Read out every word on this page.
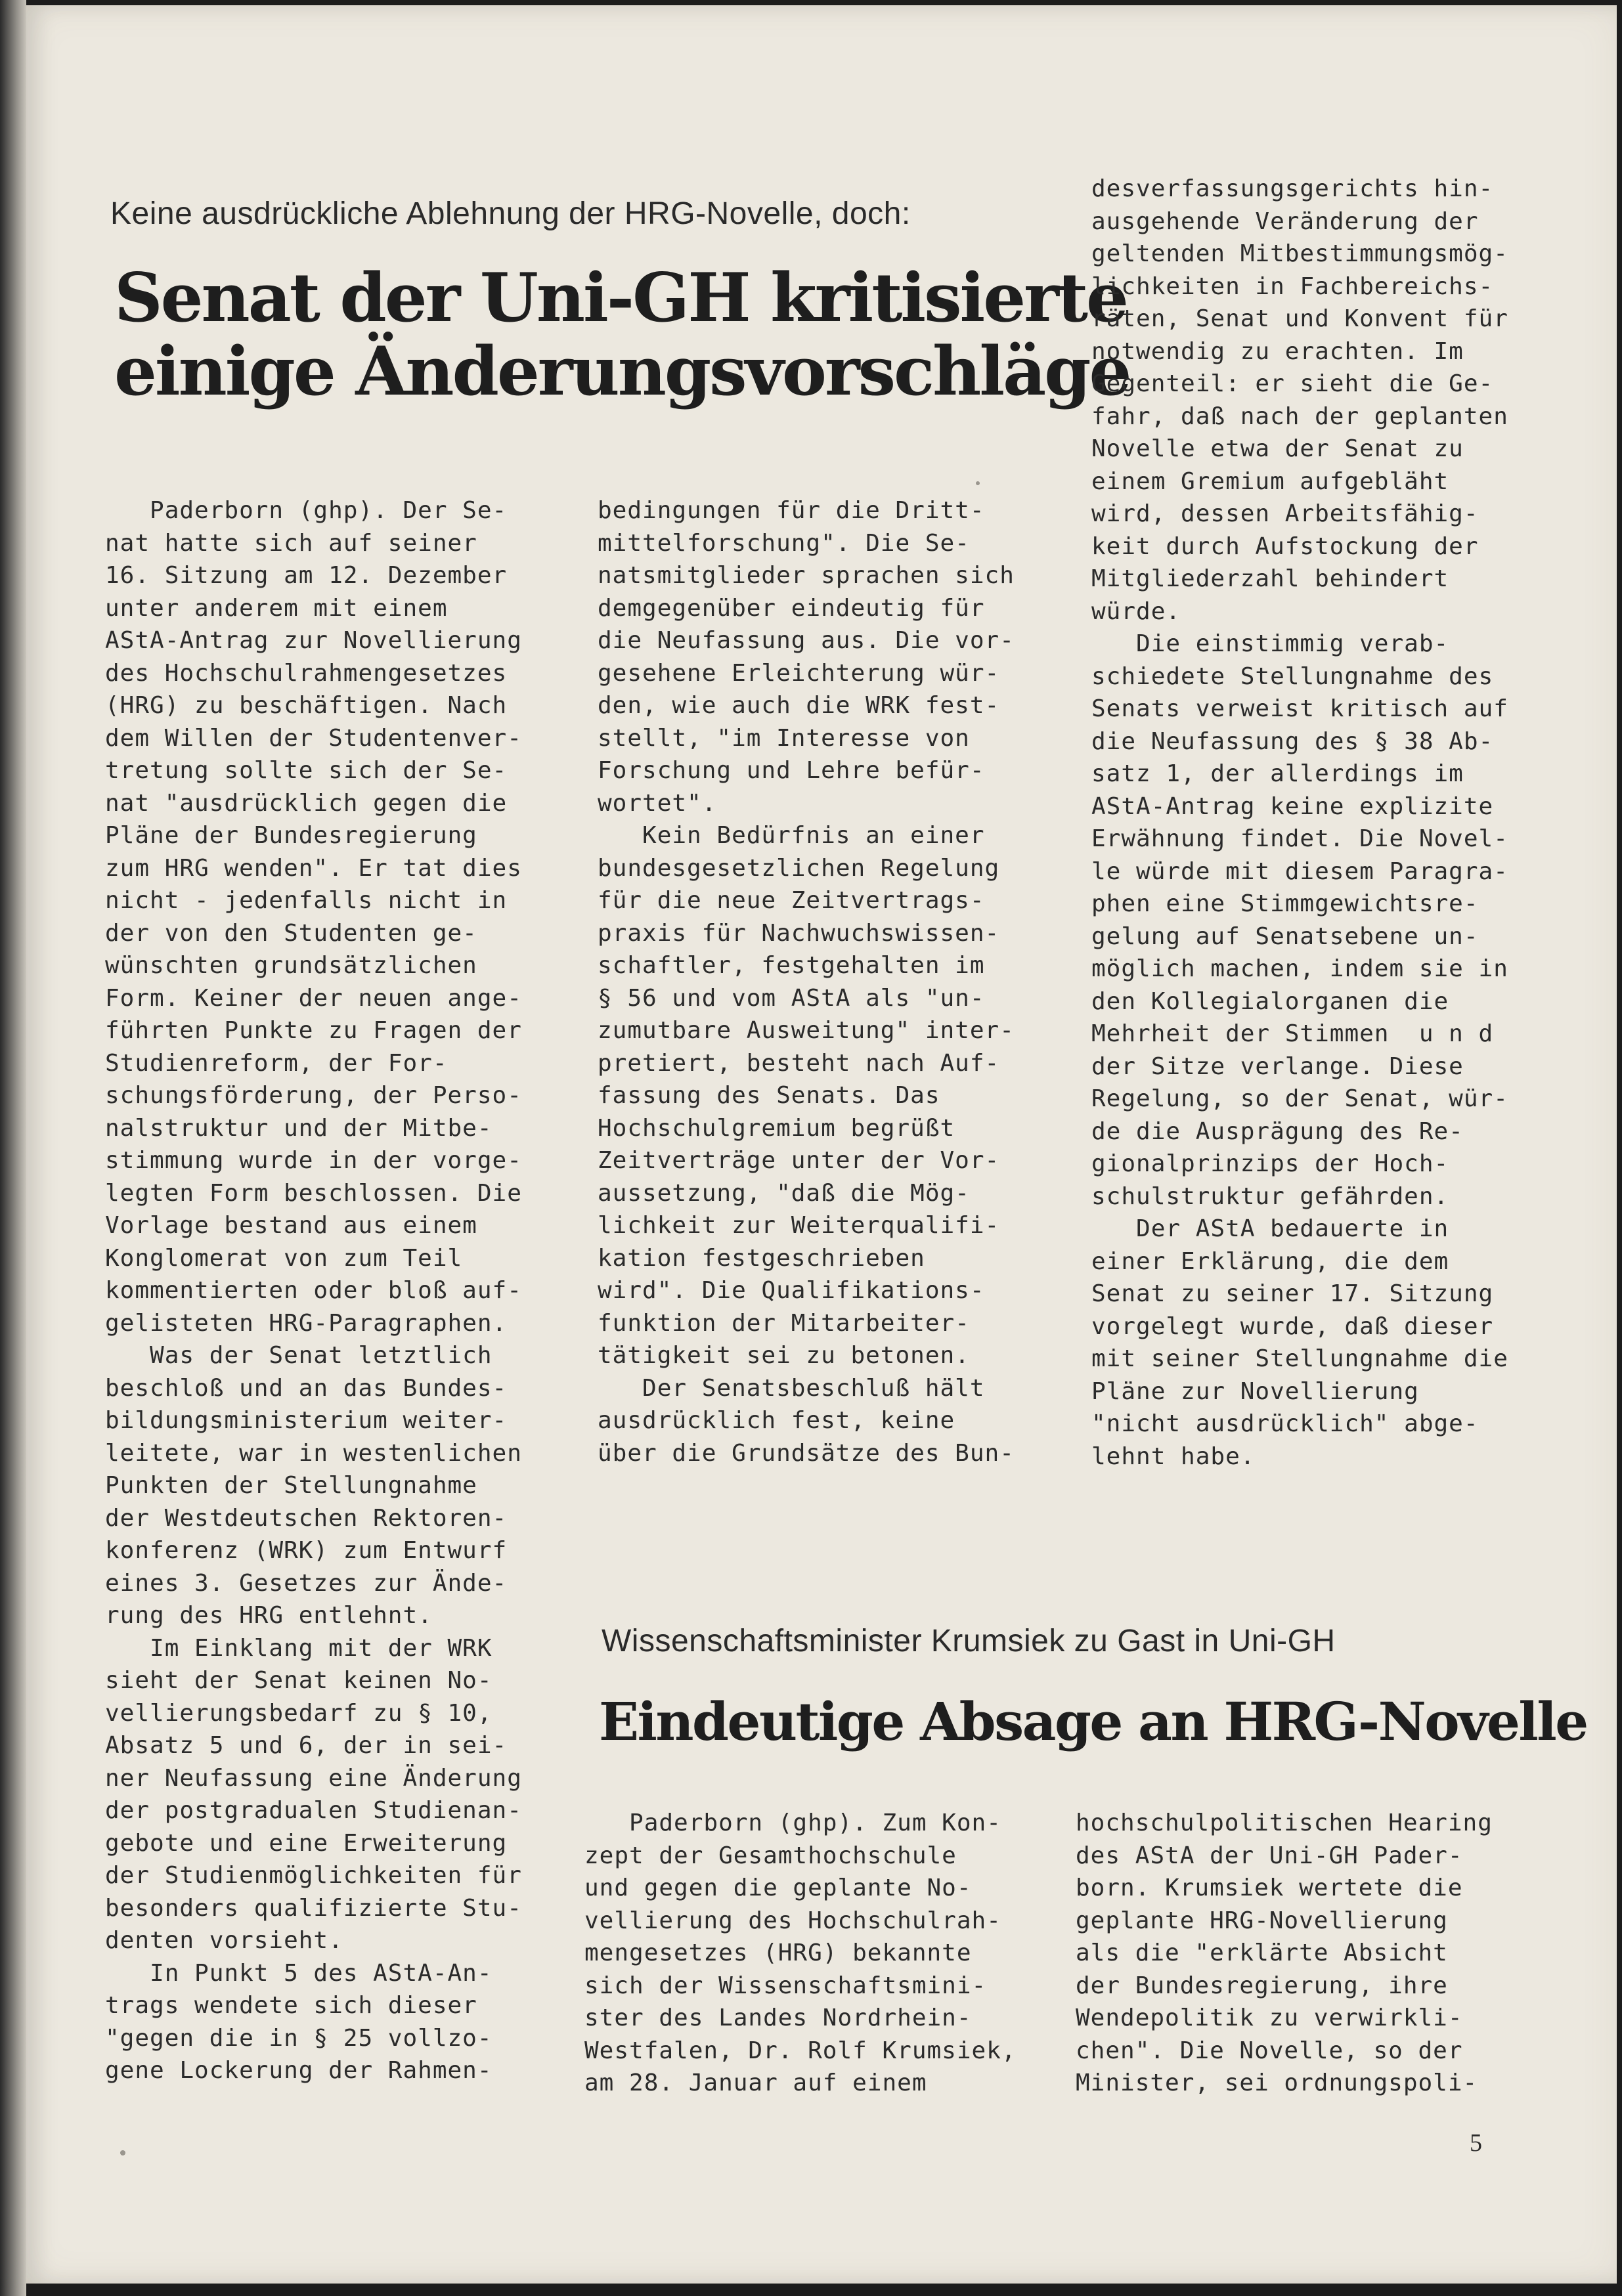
Keine ausdrückliche Ablehnung der HRG-Novelle, doch:
Senat der Uni-GH kritisierte
einige Änderungsvorschläge
Paderborn (ghp). Der Se-
nat hatte sich auf seiner
16. Sitzung am 12. Dezember
unter anderem mit einem
AStA-Antrag zur Novellierung
des Hochschulrahmengesetzes
(HRG) zu beschäftigen. Nach
dem Willen der Studentenver-
tretung sollte sich der Se-
nat "ausdrücklich gegen die
Pläne der Bundesregierung
zum HRG wenden". Er tat dies
nicht - jedenfalls nicht in
der von den Studenten ge-
wünschten grundsätzlichen
Form. Keiner der neuen ange-
führten Punkte zu Fragen der
Studienreform, der For-
schungsförderung, der Perso-
nalstruktur und der Mitbe-
stimmung wurde in der vorge-
legten Form beschlossen. Die
Vorlage bestand aus einem
Konglomerat von zum Teil
kommentierten oder bloß auf-
gelisteten HRG-Paragraphen.
Was der Senat letztlich
beschloß und an das Bundes-
bildungsministerium weiter-
leitete, war in westenlichen
Punkten der Stellungnahme
der Westdeutschen Rektoren-
konferenz (WRK) zum Entwurf
eines 3. Gesetzes zur Ände-
rung des HRG entlehnt.
Im Einklang mit der WRK
sieht der Senat keinen No-
vellierungsbedarf zu § 10,
Absatz 5 und 6, der in sei-
ner Neufassung eine Änderung
der postgradualen Studienan-
gebote und eine Erweiterung
der Studienmöglichkeiten für
besonders qualifizierte Stu-
denten vorsieht.
In Punkt 5 des AStA-An-
trags wendete sich dieser
"gegen die in § 25 vollzo-
gene Lockerung der Rahmen-
bedingungen für die Dritt-
mittelforschung". Die Se-
natsmitglieder sprachen sich
demgegenüber eindeutig für
die Neufassung aus. Die vor-
gesehene Erleichterung wür-
den, wie auch die WRK fest-
stellt, "im Interesse von
Forschung und Lehre befür-
wortet".
Kein Bedürfnis an einer
bundesgesetzlichen Regelung
für die neue Zeitvertrags-
praxis für Nachwuchswissen-
schaftler, festgehalten im
§ 56 und vom AStA als "un-
zumutbare Ausweitung" inter-
pretiert, besteht nach Auf-
fassung des Senats. Das
Hochschulgremium begrüßt
Zeitverträge unter der Vor-
aussetzung, "daß die Mög-
lichkeit zur Weiterqualifi-
kation festgeschrieben
wird". Die Qualifikations-
funktion der Mitarbeiter-
tätigkeit sei zu betonen.
Der Senatsbeschluß hält
ausdrücklich fest, keine
über die Grundsätze des Bun-
desverfassungsgerichts hin-
ausgehende Veränderung der
geltenden Mitbestimmungsmög-
lichkeiten in Fachbereichs-
räten, Senat und Konvent für
notwendig zu erachten. Im
Gegenteil: er sieht die Ge-
fahr, daß nach der geplanten
Novelle etwa der Senat zu
einem Gremium aufgebläht
wird, dessen Arbeitsfähig-
keit durch Aufstockung der
Mitgliederzahl behindert
würde.
Die einstimmig verab-
schiedete Stellungnahme des
Senats verweist kritisch auf
die Neufassung des § 38 Ab-
satz 1, der allerdings im
AStA-Antrag keine explizite
Erwähnung findet. Die Novel-
le würde mit diesem Paragra-
phen eine Stimmgewichtsre-
gelung auf Senatsebene un-
möglich machen, indem sie in
den Kollegialorganen die
Mehrheit der Stimmen  u n d
der Sitze verlange. Diese
Regelung, so der Senat, wür-
de die Ausprägung des Re-
gionalprinzips der Hoch-
schulstruktur gefährden.
Der AStA bedauerte in
einer Erklärung, die dem
Senat zu seiner 17. Sitzung
vorgelegt wurde, daß dieser
mit seiner Stellungnahme die
Pläne zur Novellierung
"nicht ausdrücklich" abge-
lehnt habe.
Wissenschaftsminister Krumsiek zu Gast in Uni-GH
Eindeutige Absage an HRG-Novelle
Paderborn (ghp). Zum Kon-
zept der Gesamthochschule
und gegen die geplante No-
vellierung des Hochschulrah-
mengesetzes (HRG) bekannte
sich der Wissenschaftsmini-
ster des Landes Nordrhein-
Westfalen, Dr. Rolf Krumsiek,
am 28. Januar auf einem
hochschulpolitischen Hearing
des AStA der Uni-GH Pader-
born. Krumsiek wertete die
geplante HRG-Novellierung
als die "erklärte Absicht
der Bundesregierung, ihre
Wendepolitik zu verwirkli-
chen". Die Novelle, so der
Minister, sei ordnungspoli-
5
